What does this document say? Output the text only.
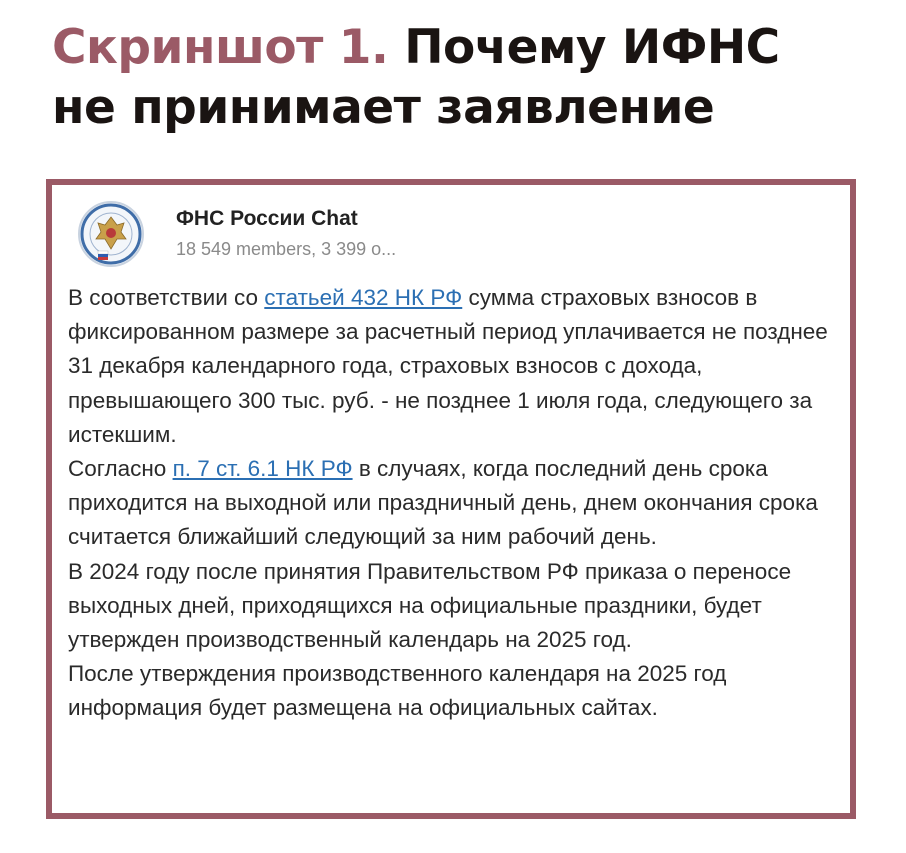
Скриншот 1. Почему ИФНС
не принимает заявление
ФНС России Chat
18 549 members, 3 399 o...

В соответствии со статьей 432 НК РФ сумма страховых взносов в фиксированном размере за расчетный период уплачивается не позднее 31 декабря календарного года, страховых взносов с дохода, превышающего 300 тыс. руб. - не позднее 1 июля года, следующего за истекшим.

Согласно п. 7 ст. 6.1 НК РФ в случаях, когда последний день срока приходится на выходной или праздничный день, днем окончания срока считается ближайший следующий за ним рабочий день.

В 2024 году после принятия Правительством РФ приказа о переносе выходных дней, приходящихся на официальные праздники, будет утвержден производственный календарь на 2025 год.

После утверждения производственного календаря на 2025 год информация будет размещена на официальных сайтах.
